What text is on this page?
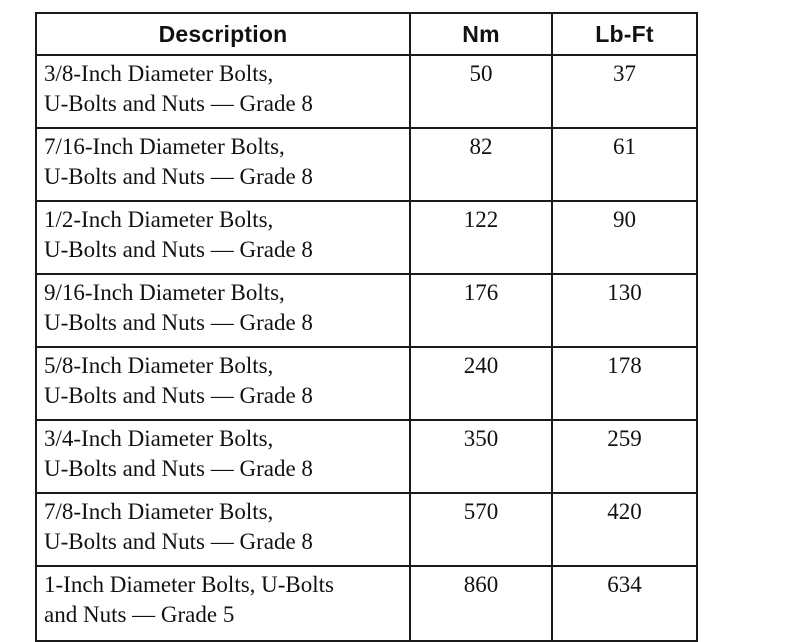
Description	Nm	Lb-Ft

3/8-Inch Diameter Bolts,
U-Bolts and Nuts — Grade 8	50	37

7/16-Inch Diameter Bolts,
U-Bolts and Nuts — Grade 8	82	61

1/2-Inch Diameter Bolts,
U-Bolts and Nuts — Grade 8	122	90

9/16-Inch Diameter Bolts,
U-Bolts and Nuts — Grade 8	176	130

5/8-Inch Diameter Bolts,
U-Bolts and Nuts — Grade 8	240	178

3/4-Inch Diameter Bolts,
U-Bolts and Nuts — Grade 8	350	259

7/8-Inch Diameter Bolts,
U-Bolts and Nuts — Grade 8	570	420

1-Inch Diameter Bolts, U-Bolts
and Nuts — Grade 5	860	634
